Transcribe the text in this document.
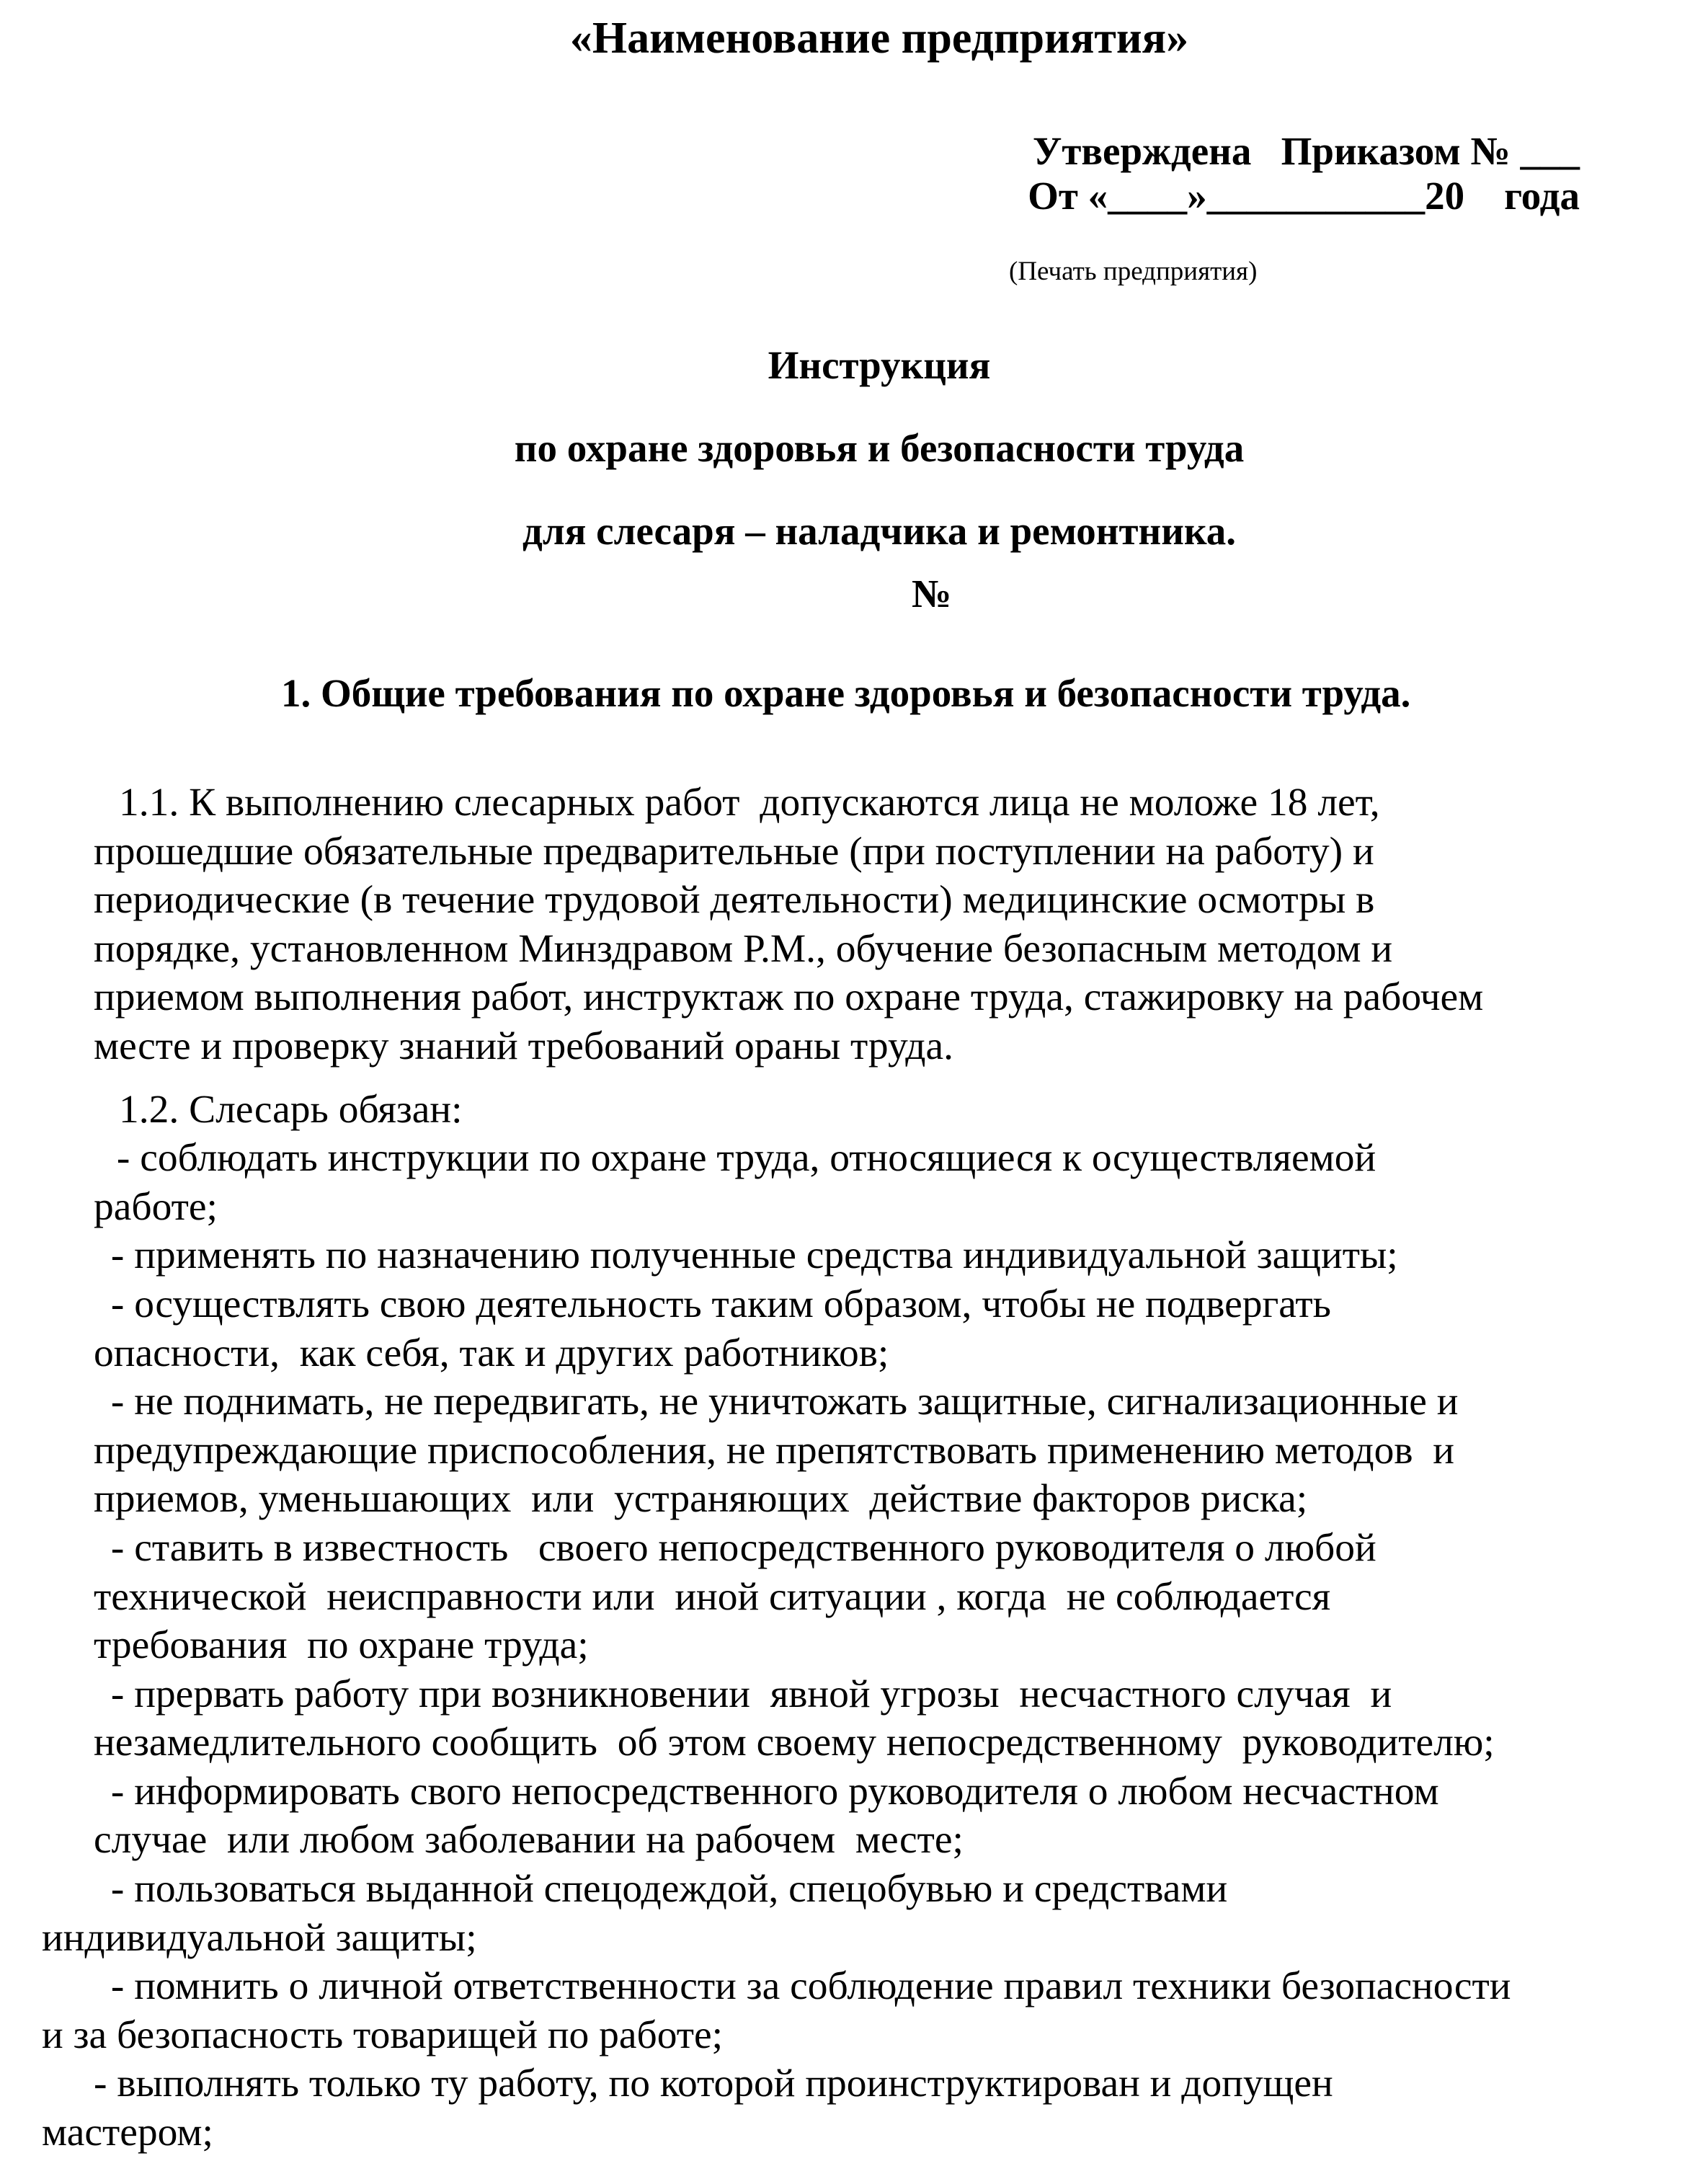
«Наименование предприятия»
Утверждена   Приказом № ___
От «____»___________20    года
(Печать предприятия)
Инструкция
по охране здоровья и безопасности труда
для слесаря – наладчика и ремонтника.
№
1. Общие требования по охране здоровья и безопасности труда.
1.1. К выполнению слесарных работ  допускаются лица не моложе 18 лет,
прошедшие обязательные предварительные (при поступлении на работу) и
периодические (в течение трудовой деятельности) медицинские осмотры в
порядке, установленном Минздравом Р.М., обучение безопасным методом и
приемом выполнения работ, инструктаж по охране труда, стажировку на рабочем
месте и проверку знаний требований ораны труда.
1.2. Слесарь обязан:
- соблюдать инструкции по охране труда, относящиеся к осуществляемой
работе;
- применять по назначению полученные средства индивидуальной защиты;
- осуществлять свою деятельность таким образом, чтобы не подвергать
опасности,  как себя, так и других работников;
- не поднимать, не передвигать, не уничтожать защитные, сигнализационные и
предупреждающие приспособления, не препятствовать применению методов  и
приемов, уменьшающих  или  устраняющих  действие факторов риска;
- ставить в известность   своего непосредственного руководителя о любой
технической  неисправности или  иной ситуации , когда  не соблюдается
требования  по охране труда;
- прервать работу при возникновении  явной угрозы  несчастного случая  и
незамедлительного сообщить  об этом своему непосредственному  руководителю;
- информировать свого непосредственного руководителя о любом несчастном
случае  или любом заболевании на рабочем  месте;
- пользоваться выданной спецодеждой, спецобувью и средствами
индивидуальной защиты;
- помнить о личной ответственности за соблюдение правил техники безопасности
и за безопасность товарищей по работе;
- выполнять только ту работу, по которой проинструктирован и допущен
мастером;
